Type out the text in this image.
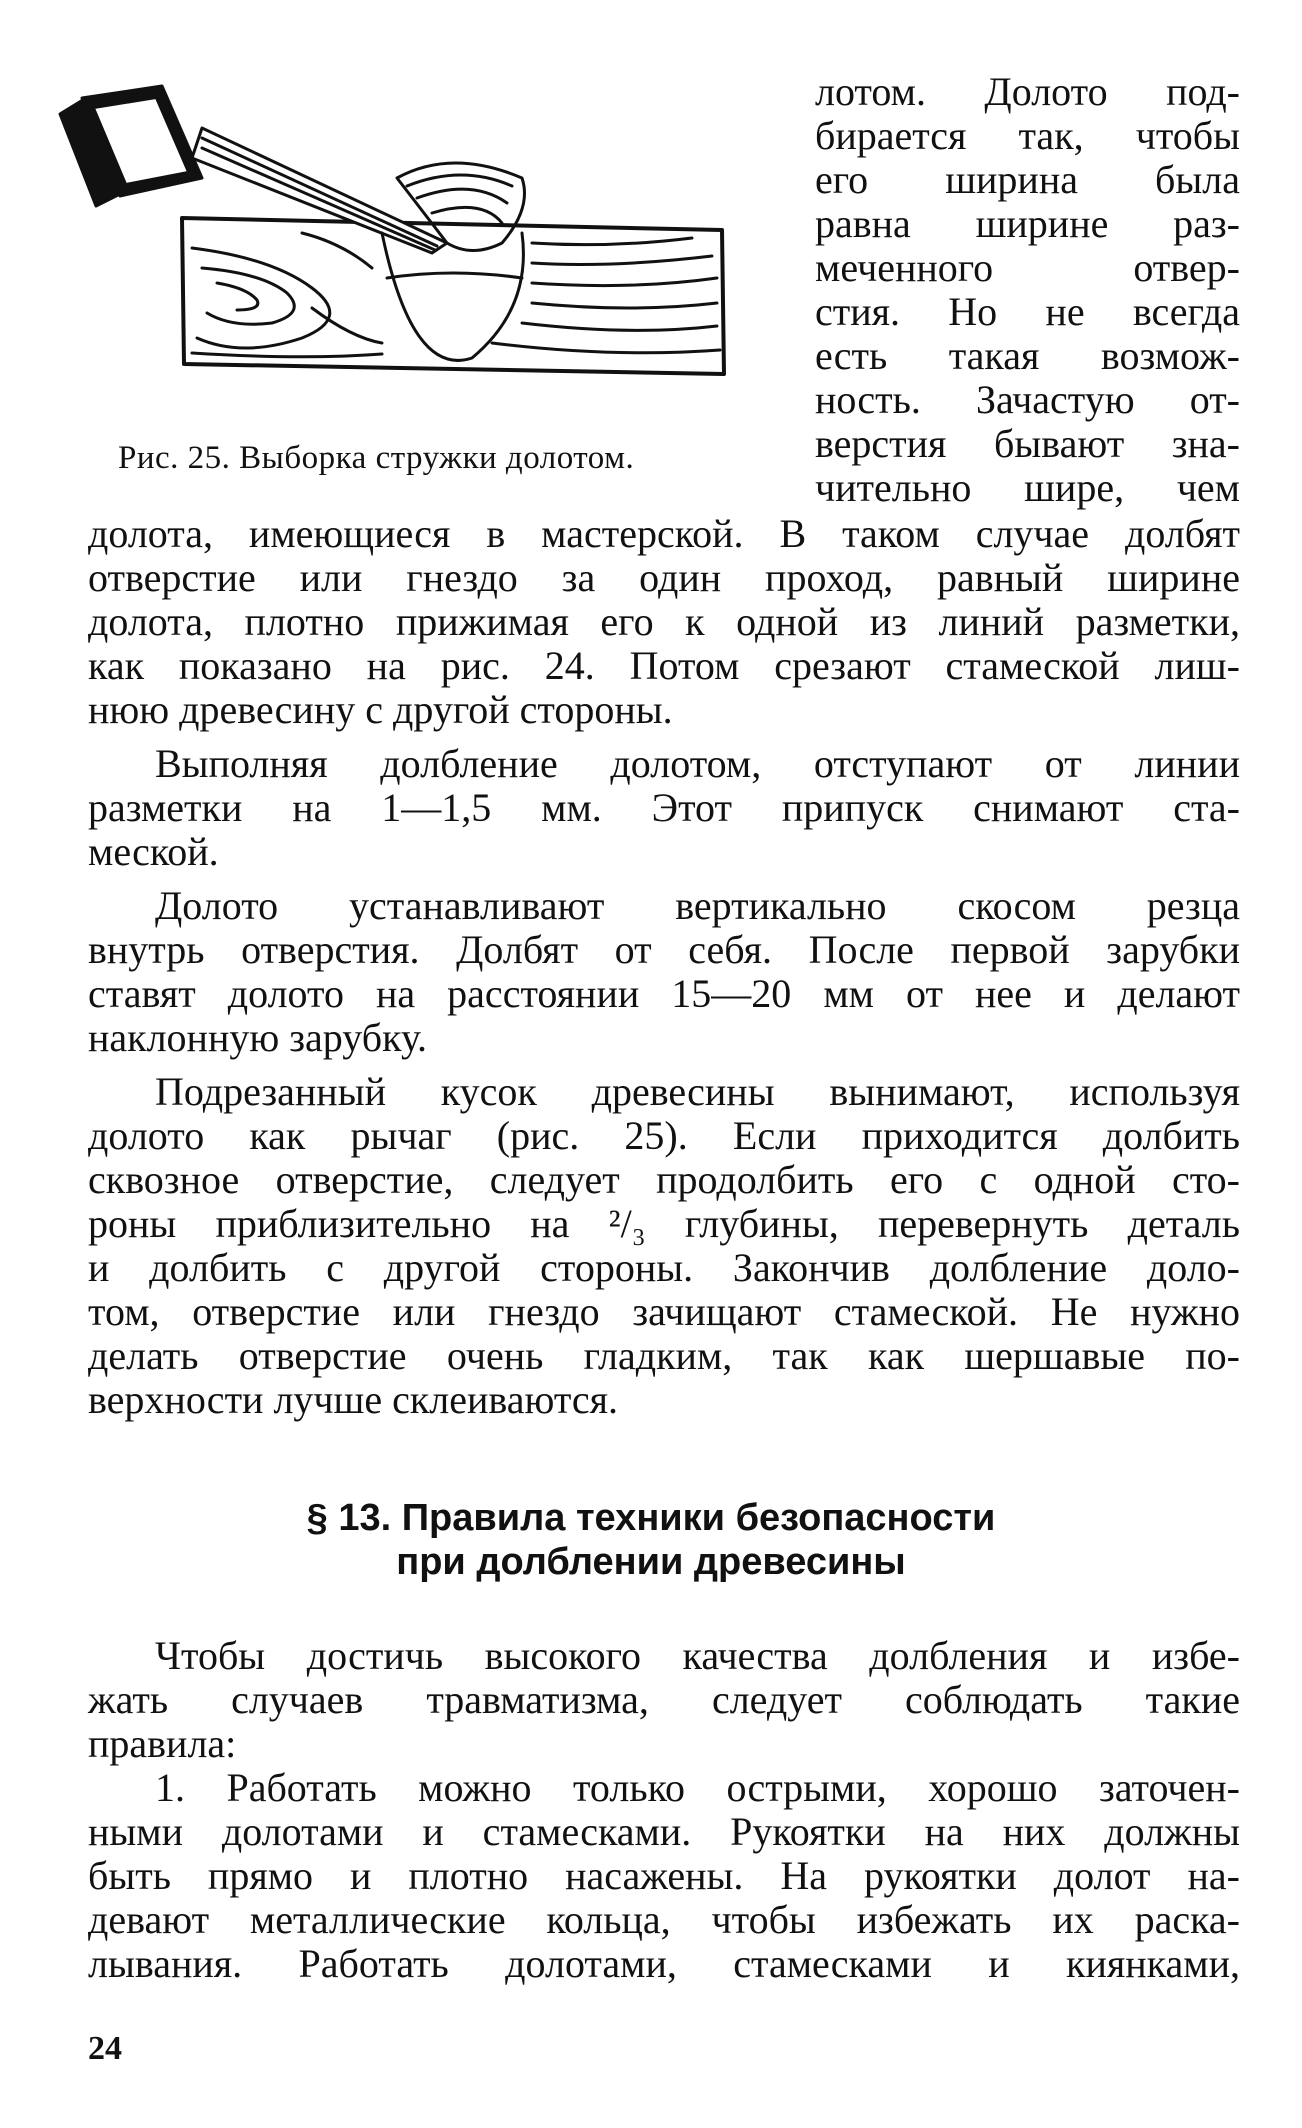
Рис. 25. Выборка стружки долотом.
лотом. Долото под-
бирается так, чтобы
его ширина была
равна ширине раз-
меченного отвер-
стия. Но не всегда
есть такая возмож-
ность. Зачастую от-
верстия бывают зна-
чительно шире, чем
долота, имеющиеся в мастерской. В таком случае долбят
отверстие или гнездо за один проход, равный ширине
долота, плотно прижимая его к одной из линий разметки,
как показано на рис. 24. Потом срезают стамеской лиш-
нюю древесину с другой стороны.
Выполняя долбление долотом, отступают от линии
разметки на 1—1,5 мм. Этот припуск снимают ста-
меской.
Долото устанавливают вертикально скосом резца
внутрь отверстия. Долбят от себя. После первой зарубки
ставят долото на расстоянии 15—20 мм от нее и делают
наклонную зарубку.
Подрезанный кусок древесины вынимают, используя
долото как рычаг (рис. 25). Если приходится долбить
сквозное отверстие, следует продолбить его с одной сто-
роны приблизительно на ²/₃ глубины, перевернуть деталь
и долбить с другой стороны. Закончив долбление доло-
том, отверстие или гнездо зачищают стамеской. Не нужно
делать отверстие очень гладким, так как шершавые по-
верхности лучше склеиваются.
§ 13. Правила техники безопасности
при долблении древесины
Чтобы достичь высокого качества долбления и избе-
жать случаев травматизма, следует соблюдать такие
правила:
1. Работать можно только острыми, хорошо заточен-
ными долотами и стамесками. Рукоятки на них должны
быть прямо и плотно насажены. На рукоятки долот на-
девают металлические кольца, чтобы избежать их раска-
лывания. Работать долотами, стамесками и киянками,
24
